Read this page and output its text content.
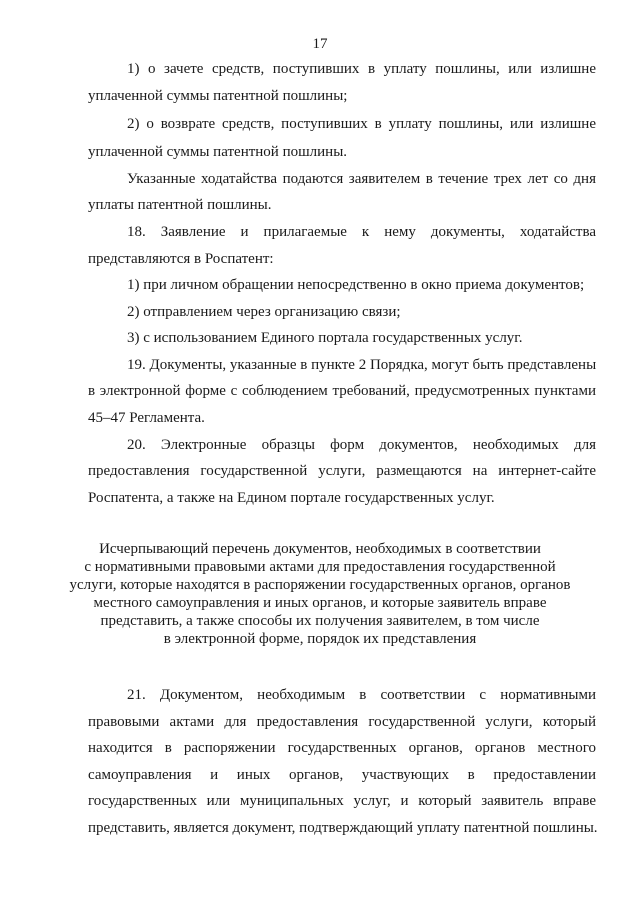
17
1) о зачете средств, поступивших в уплату пошлины, или излишне
уплаченной суммы патентной пошлины;
2) о возврате средств, поступивших в уплату пошлины, или излишне
уплаченной суммы патентной пошлины.
Указанные ходатайства подаются заявителем в течение трех лет со дня
уплаты патентной пошлины.
18. Заявление и прилагаемые к нему документы, ходатайства
представляются в Роспатент:
1) при личном обращении непосредственно в окно приема документов;
2) отправлением через организацию связи;
3) с использованием Единого портала государственных услуг.
19. Документы, указанные в пункте 2 Порядка, могут быть представлены
в электронной форме с соблюдением требований, предусмотренных пунктами
45–47 Регламента.
20. Электронные образцы форм документов, необходимых для
предоставления государственной услуги, размещаются на интернет-сайте
Роспатента, а также на Едином портале государственных услуг.
Исчерпывающий перечень документов, необходимых в соответствии
с нормативными правовыми актами для предоставления государственной
услуги, которые находятся в распоряжении государственных органов, органов
местного самоуправления и иных органов, и которые заявитель вправе
представить, а также способы их получения заявителем, в том числе
в электронной форме, порядок их представления
21. Документом, необходимым в соответствии с нормативными
правовыми актами для предоставления государственной услуги, который
находится в распоряжении государственных органов, органов местного
самоуправления и иных органов, участвующих в предоставлении
государственных или муниципальных услуг, и который заявитель вправе
представить, является документ, подтверждающий уплату патентной пошлины.
